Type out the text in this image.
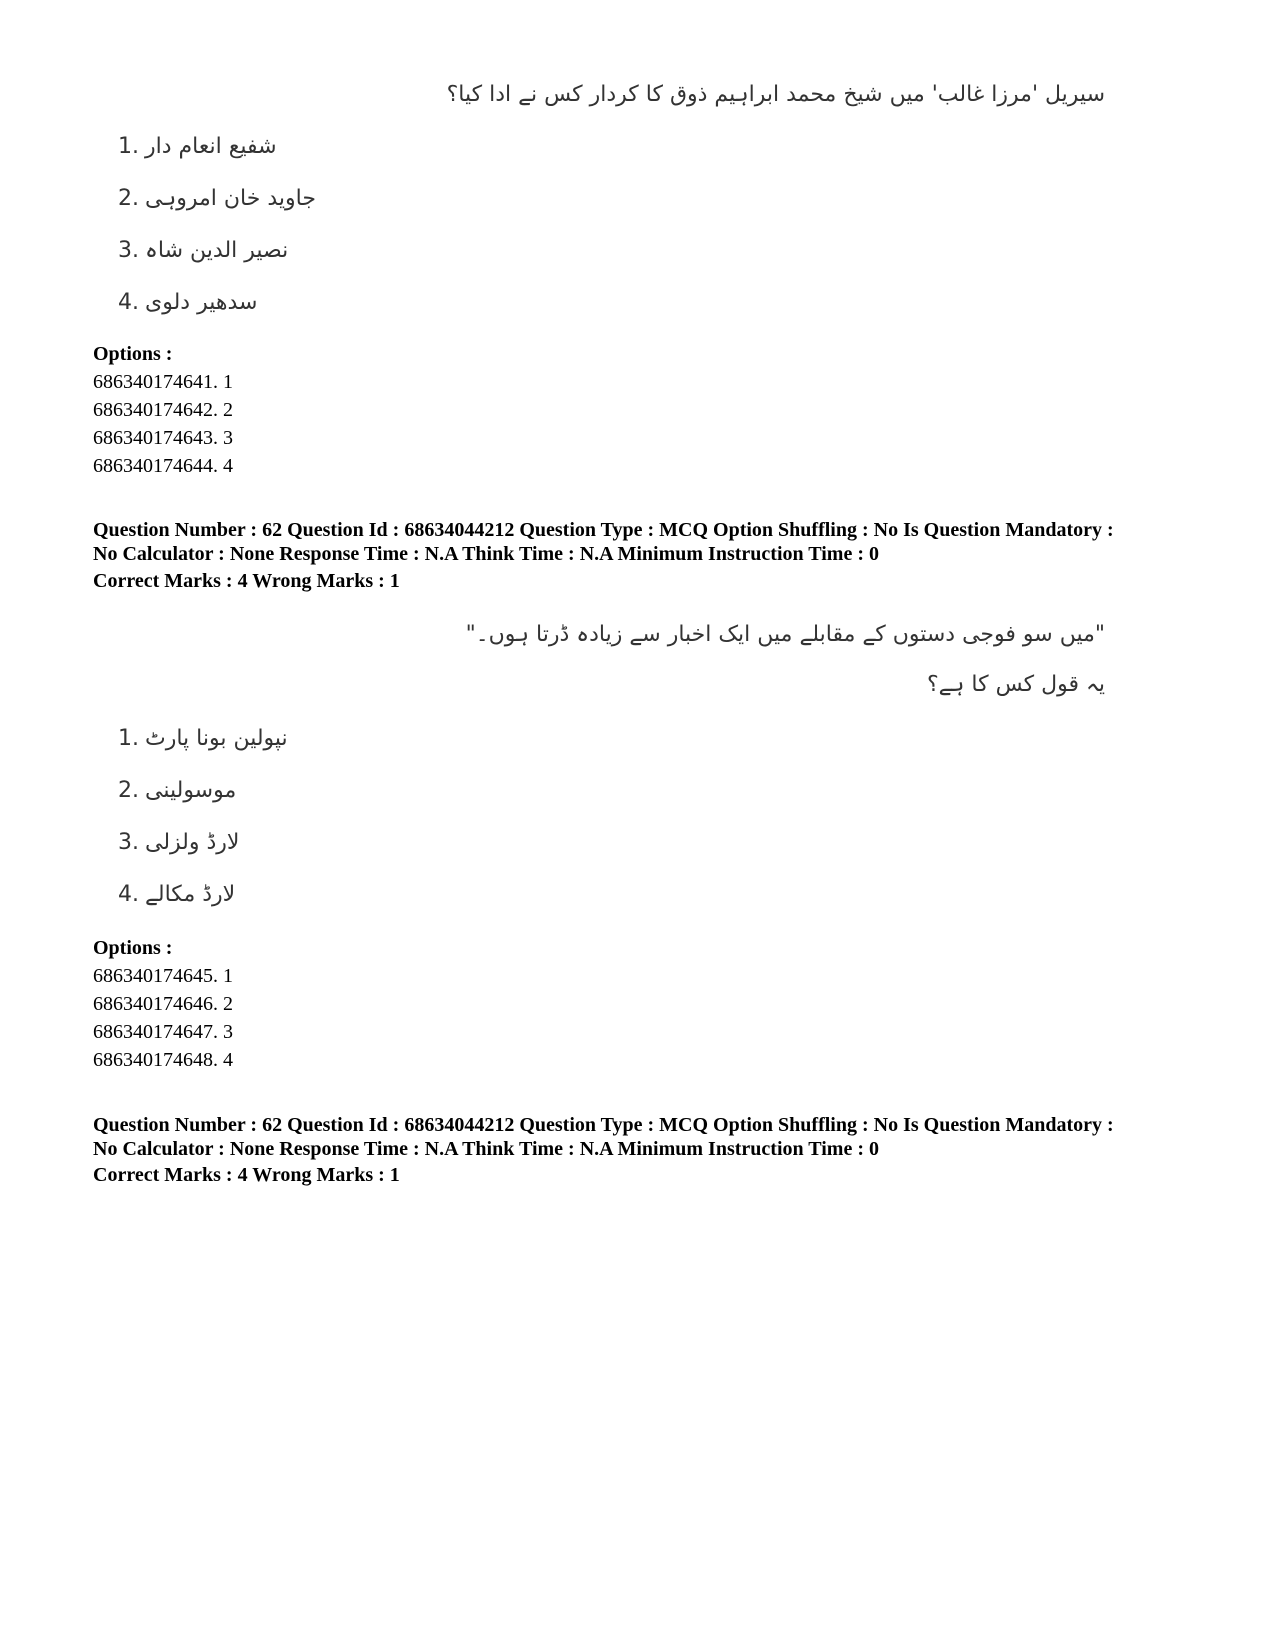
سیریل 'مرزا غالب' میں شیخ محمد ابراہیم ذوق کا کردار کس نے ادا کیا؟
1. شفیع انعام دار
2. جاوید خان امروہی
3. نصیر الدین شاہ
4. سدھیر دلوی
Options :
686340174641. 1
686340174642. 2
686340174643. 3
686340174644. 4
Question Number : 62 Question Id : 68634044212 Question Type : MCQ Option Shuffling : No Is Question Mandatory :
No Calculator : None Response Time : N.A Think Time : N.A Minimum Instruction Time : 0
Correct Marks : 4 Wrong Marks : 1
"میں سو فوجی دستوں کے مقابلے میں ایک اخبار سے زیادہ ڈرتا ہوں۔"
یہ قول کس کا ہے؟
1. نپولین بونا پارٹ
2. موسولینی
3. لارڈ ولزلی
4. لارڈ مکالے
Options :
686340174645. 1
686340174646. 2
686340174647. 3
686340174648. 4
Question Number : 62 Question Id : 68634044212 Question Type : MCQ Option Shuffling : No Is Question Mandatory :
No Calculator : None Response Time : N.A Think Time : N.A Minimum Instruction Time : 0
Correct Marks : 4 Wrong Marks : 1
